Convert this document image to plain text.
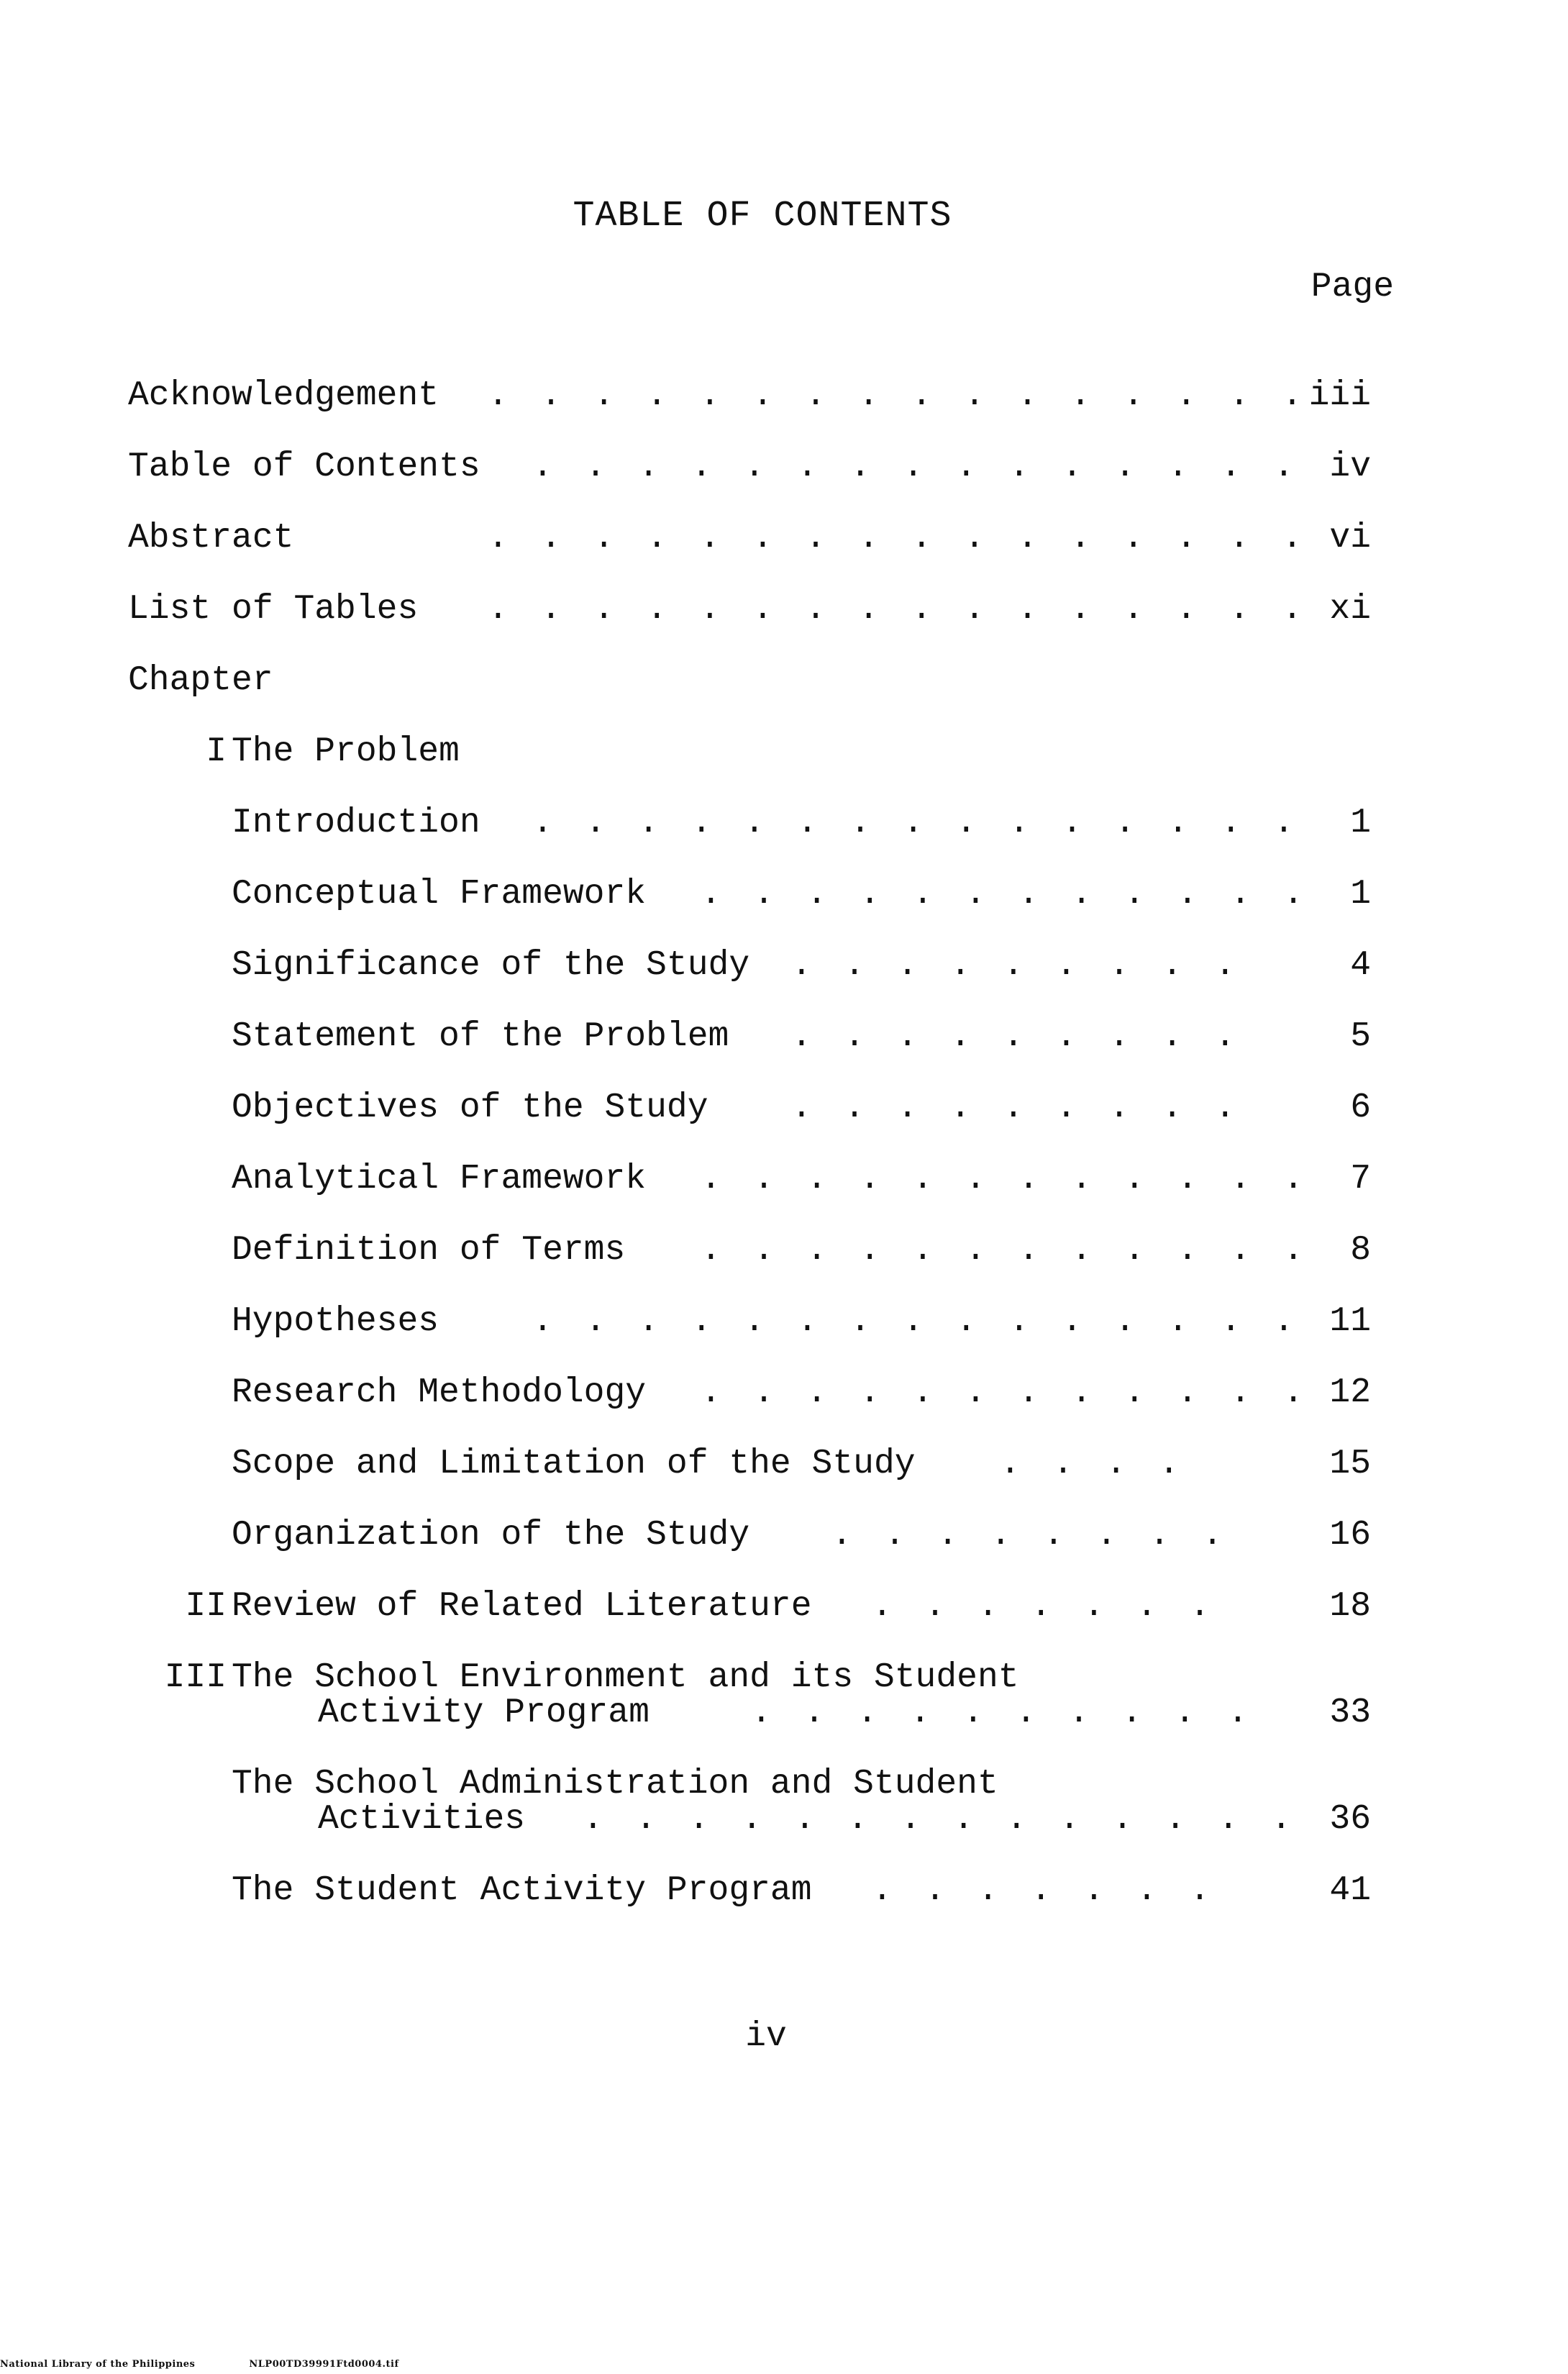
TABLE OF CONTENTS
Page
Acknowledgement . . . . . . . . . . . . . . . . iii
Table of Contents . . . . . . . . . . . . . . . iv
Abstract	. . . . . . . . . . . . . . . . vi
List of Tables . . . . . . . . . . . . . . . . xi
Chapter
I The Problem
Introduction . . . . . . . . . . . . . . .	1
Conceptual Framework . . . . . . . . . . . .	1
Significance of the Study . . . . . . . . .	4
Statement of the Problem . . . . . . . . .	5
Objectives of the Study . . . . . . . . .	6
Analytical Framework . . . . . . . . . . . .	7
Definition of Terms . . . . . . . . . . . .	8
Hypotheses	. . . . . . . . . . . . . . . 11
Research Methodology . . . . . . . . . . . . 12
Scope and Limitation of the Study . . . .	15
Organization of the Study . . . . . . . .	16
II Review of Related Literature . . . . . . .	18
III The School Environment and its Student
Activity Program	. . . . . . . . . .	33
The School Administration and Student
Activities . . . . . . . . . . . . . . 36
The Student Activity Program . . . . . . .	41
iv
National Library of the Philippines	NLP00TD39991Ftd0004.tif
